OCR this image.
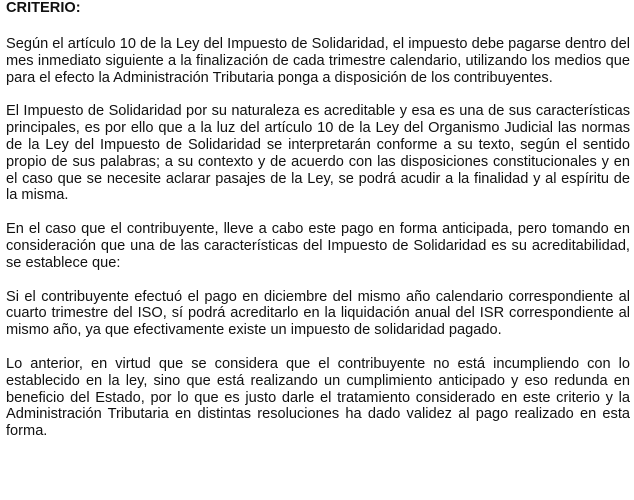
CRITERIO:

Según el artículo 10 de la Ley del Impuesto de Solidaridad, el impuesto debe pagarse dentro del mes inmediato siguiente a la finalización de cada trimestre calendario, utilizando los medios que para el efecto la Administración Tributaria ponga a disposición de los contribuyentes.

El Impuesto de Solidaridad por su naturaleza es acreditable y esa es una de sus características principales, es por ello que a la luz del artículo 10 de la Ley del Organismo Judicial las normas de la Ley del Impuesto de Solidaridad se interpretarán conforme a su texto, según el sentido propio de sus palabras; a su contexto y de acuerdo con las disposiciones constitucionales y en el caso que se necesite aclarar pasajes de la Ley, se podrá acudir a la finalidad y al espíritu de la misma.

En el caso que el contribuyente, lleve a cabo este pago en forma anticipada, pero tomando en consideración que una de las características del Impuesto de Solidaridad es su acreditabilidad, se establece que:

Si el contribuyente efectuó el pago en diciembre del mismo año calendario correspondiente al cuarto trimestre del ISO, sí podrá acreditarlo en la liquidación anual del ISR correspondiente al mismo año, ya que efectivamente existe un impuesto de solidaridad pagado.

Lo anterior, en virtud que se considera que el contribuyente no está incumpliendo con lo establecido en la ley, sino que está realizando un cumplimiento anticipado y eso redunda en beneficio del Estado, por lo que es justo darle el tratamiento considerado en este criterio y la Administración Tributaria en distintas resoluciones ha dado validez al pago realizado en esta forma.
